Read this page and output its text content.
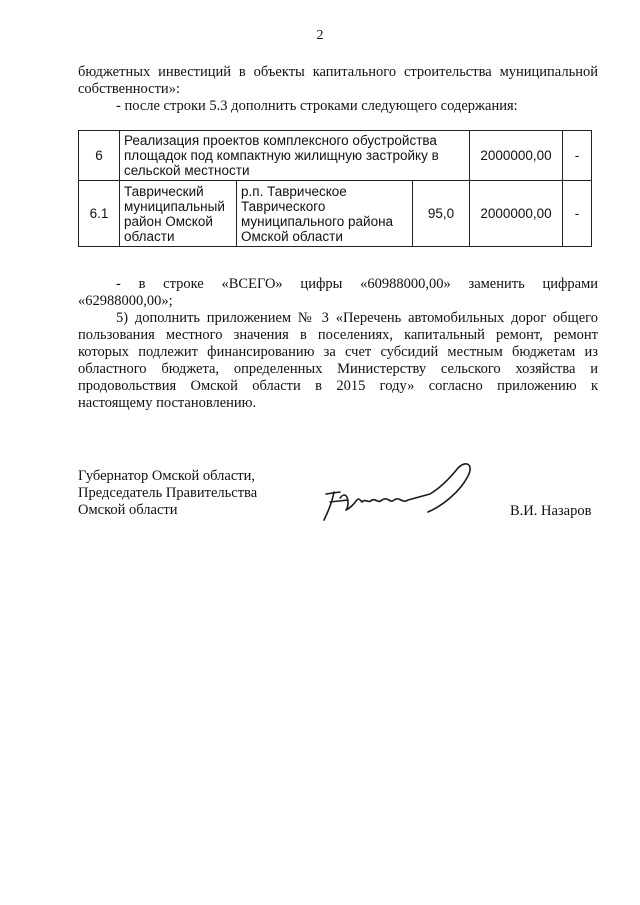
2

бюджетных инвестиций в объекты капитального строительства муниципальной

собственности»:

- после строки 5.3 дополнить строками следующего содержания:

6	Реализация проектов комплексного обустройства
площадок под компактную жилищную застройку в
сельской местности			2000000,00	-
6.1	Таврический
муниципальный
район Омской
области	р.п. Таврическое
Таврического
муниципального района
Омской области	95,0	2000000,00	-

- в строке «ВСЕГО» цифры «60988000,00» заменить цифрами

«62988000,00»;

5) дополнить приложением № 3 «Перечень автомобильных дорог общего

пользования местного значения в поселениях, капитальный ремонт, ремонт

которых подлежит финансированию за счет субсидий местным бюджетам из

областного бюджета, определенных Министерству сельского хозяйства и

продовольствия Омской области в 2015 году» согласно приложению к

настоящему постановлению.

Губернатор Омской области,
Председатель Правительства
Омской области	В.И. Назаров
